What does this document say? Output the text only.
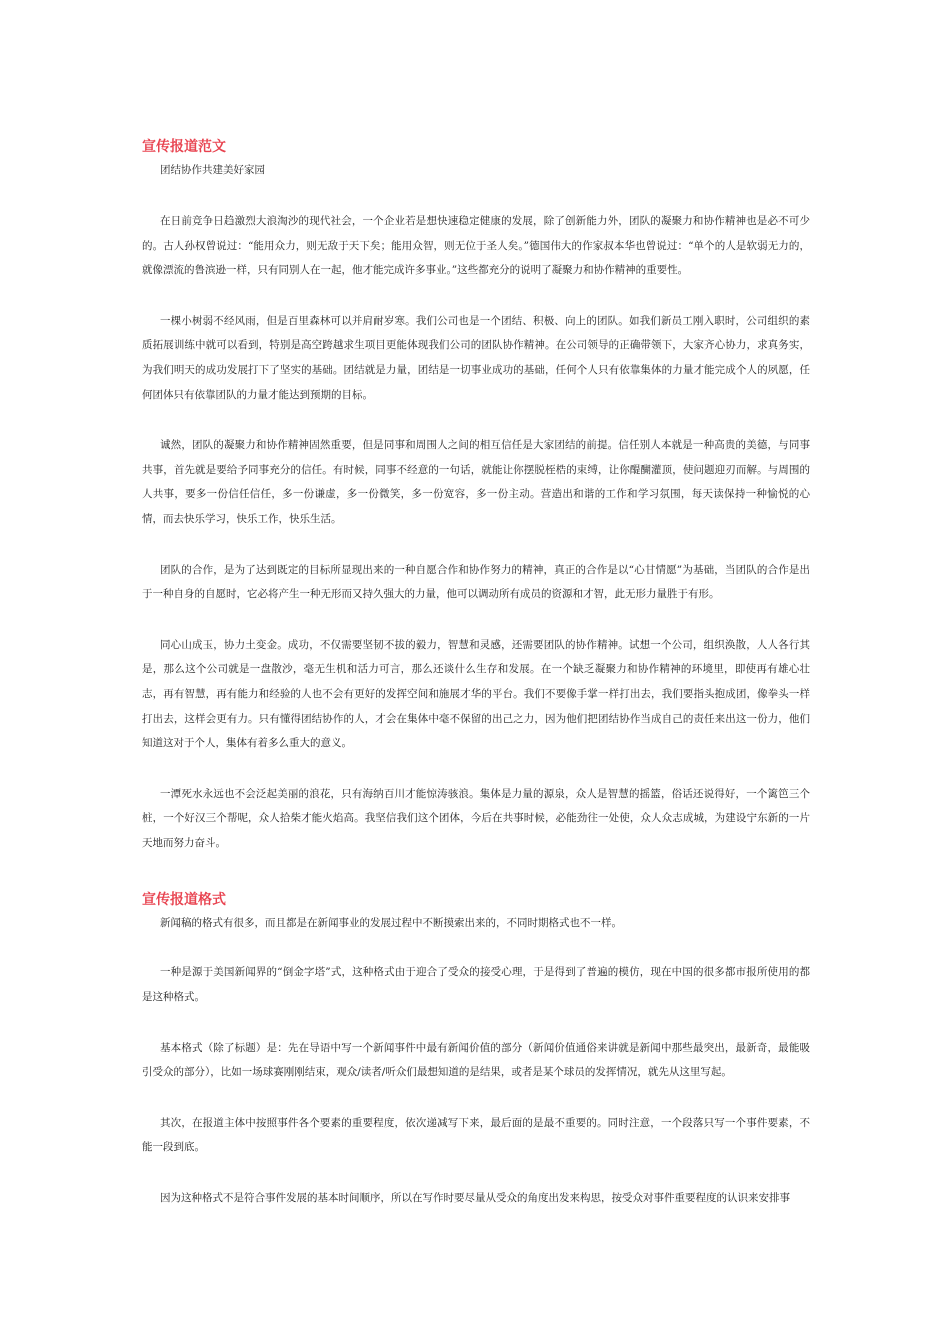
宣传报道范文

团结协作共建美好家园

在日前竞争日趋激烈大浪淘沙的现代社会，一个企业若是想快速稳定健康的发展，除了创新能力外，团队的凝聚力和协作精神也是必不可少的。古人孙权曾说过：“能用众力，则无敌于天下矣；能用众智，则无位于圣人矣。”德国伟大的作家叔本华也曾说过：“单个的人是软弱无力的，就像漂流的鲁滨逊一样，只有同别人在一起，他才能完成许多事业。”这些都充分的说明了凝聚力和协作精神的重要性。

一棵小树弱不经风雨，但是百里森林可以并肩耐岁寒。我们公司也是一个团结、积极、向上的团队。如我们新员工刚入职时，公司组织的素质拓展训练中就可以看到，特别是高空跨越求生项目更能体现我们公司的团队协作精神。在公司领导的正确带领下，大家齐心协力，求真务实，为我们明天的成功发展打下了坚实的基础。团结就是力量，团结是一切事业成功的基础，任何个人只有依靠集体的力量才能完成个人的夙愿，任何团体只有依靠团队的力量才能达到预期的目标。

诚然，团队的凝聚力和协作精神固然重要，但是同事和周围人之间的相互信任是大家团结的前提。信任别人本就是一种高贵的美德，与同事共事，首先就是要给予同事充分的信任。有时候，同事不经意的一句话，就能让你摆脱桎梏的束缚，让你醍醐灌顶，使问题迎刃而解。与周围的人共事，要多一份信任信任，多一份谦虚，多一份微笑，多一份宽容，多一份主动。营造出和谐的工作和学习氛围，每天读保持一种愉悦的心情，而去快乐学习，快乐工作，快乐生活。

团队的合作，是为了达到既定的目标所显现出来的一种自愿合作和协作努力的精神，真正的合作是以“心甘情愿”为基础，当团队的合作是出于一种自身的自愿时，它必将产生一种无形而又持久强大的力量，他可以调动所有成员的资源和才智，此无形力量胜于有形。

同心山成玉，协力土变金。成功，不仅需要坚韧不拔的毅力，智慧和灵感，还需要团队的协作精神。试想一个公司，组织涣散，人人各行其是，那么这个公司就是一盘散沙，毫无生机和活力可言，那么还谈什么生存和发展。在一个缺乏凝聚力和协作精神的环境里，即使再有雄心壮志，再有智慧，再有能力和经验的人也不会有更好的发挥空间和施展才华的平台。我们不要像手掌一样打出去，我们要指头抱成团，像拳头一样打出去，这样会更有力。只有懂得团结协作的人，才会在集体中毫不保留的出己之力，因为他们把团结协作当成自己的责任来出这一份力，他们知道这对于个人，集体有着多么重大的意义。

一潭死水永远也不会泛起美丽的浪花，只有海纳百川才能惊涛骇浪。集体是力量的源泉，众人是智慧的摇篮，俗话还说得好，一个篱笆三个桩，一个好汉三个帮呢，众人拾柴才能火焰高。我坚信我们这个团体，今后在共事时候，必能劲往一处使，众人众志成城，为建设宁东新的一片天地而努力奋斗。

宣传报道格式

新闻稿的格式有很多，而且都是在新闻事业的发展过程中不断摸索出来的，不同时期格式也不一样。

一种是源于美国新闻界的“倒金字塔”式，这种格式由于迎合了受众的接受心理，于是得到了普遍的模仿，现在中国的很多都市报所使用的都是这种格式。

基本格式（除了标题）是：先在导语中写一个新闻事件中最有新闻价值的部分（新闻价值通俗来讲就是新闻中那些最突出，最新奇，最能吸引受众的部分），比如一场球赛刚刚结束，观众/读者/听众们最想知道的是结果，或者是某个球员的发挥情况，就先从这里写起。

其次，在报道主体中按照事件各个要素的重要程度，依次递减写下来，最后面的是最不重要的。同时注意，一个段落只写一个事件要素，不能一段到底。

因为这种格式不是符合事件发展的基本时间顺序，所以在写作时要尽量从受众的角度出发来构思，按受众对事件重要程度的认识来安排事
